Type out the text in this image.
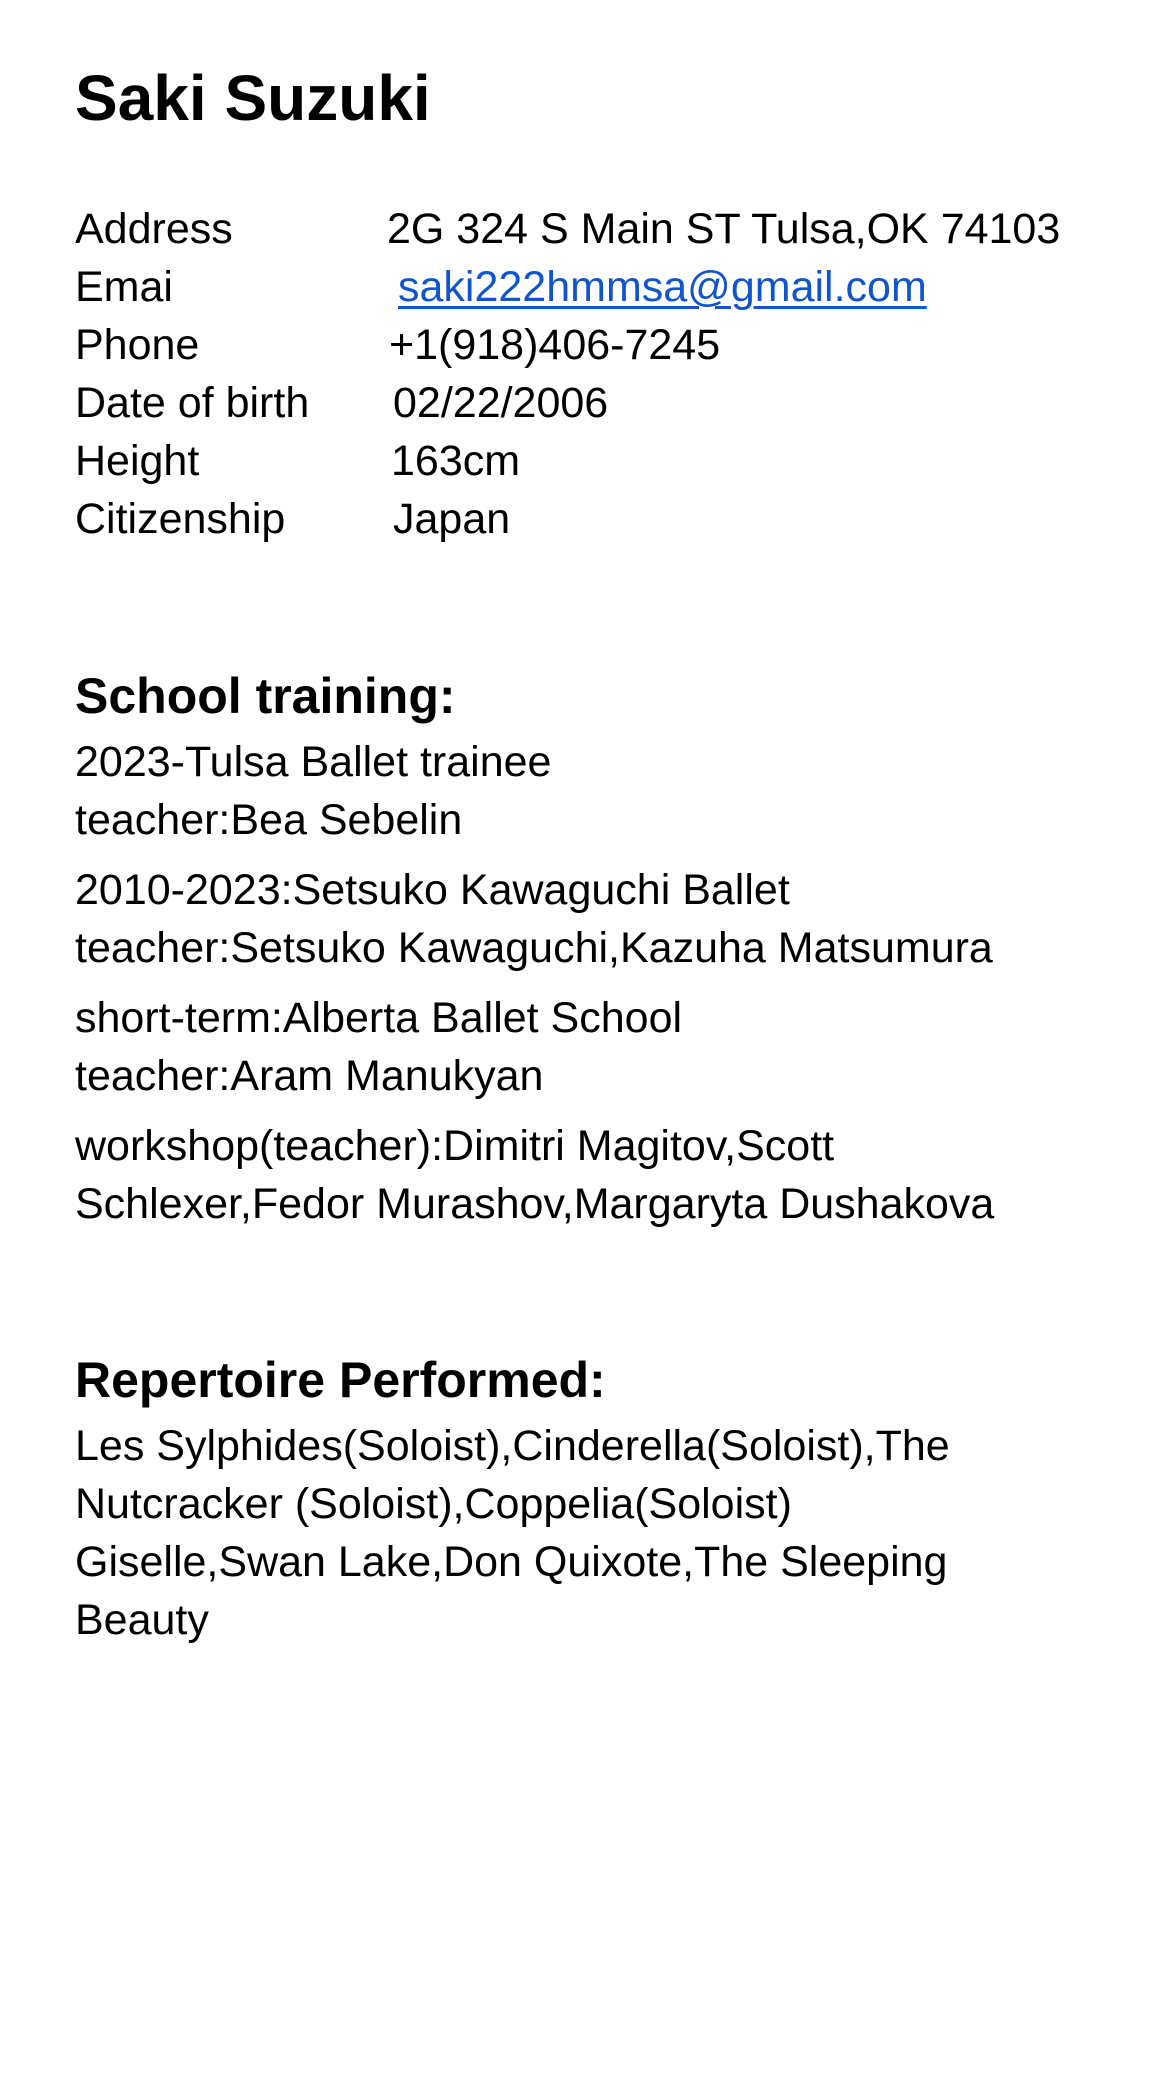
Saki Suzuki
Address	2G 324 S Main ST Tulsa,OK 74103
Emai	saki222hmmsa@gmail.com
Phone	+1(918)406-7245
Date of birth 02/22/2006
Height	163cm
Citizenship	Japan
School training:
2023-Tulsa Ballet trainee
teacher:Bea Sebelin
2010-2023:Setsuko Kawaguchi Ballet
teacher:Setsuko Kawaguchi,Kazuha Matsumura
short-term:Alberta Ballet School
teacher:Aram Manukyan
workshop(teacher):Dimitri Magitov,Scott
Schlexer,Fedor Murashov,Margaryta Dushakova
Repertoire Performed:
Les Sylphides(Soloist),Cinderella(Soloist),The
Nutcracker (Soloist),Coppelia(Soloist)
Giselle,Swan Lake,Don Quixote,The Sleeping
Beauty
